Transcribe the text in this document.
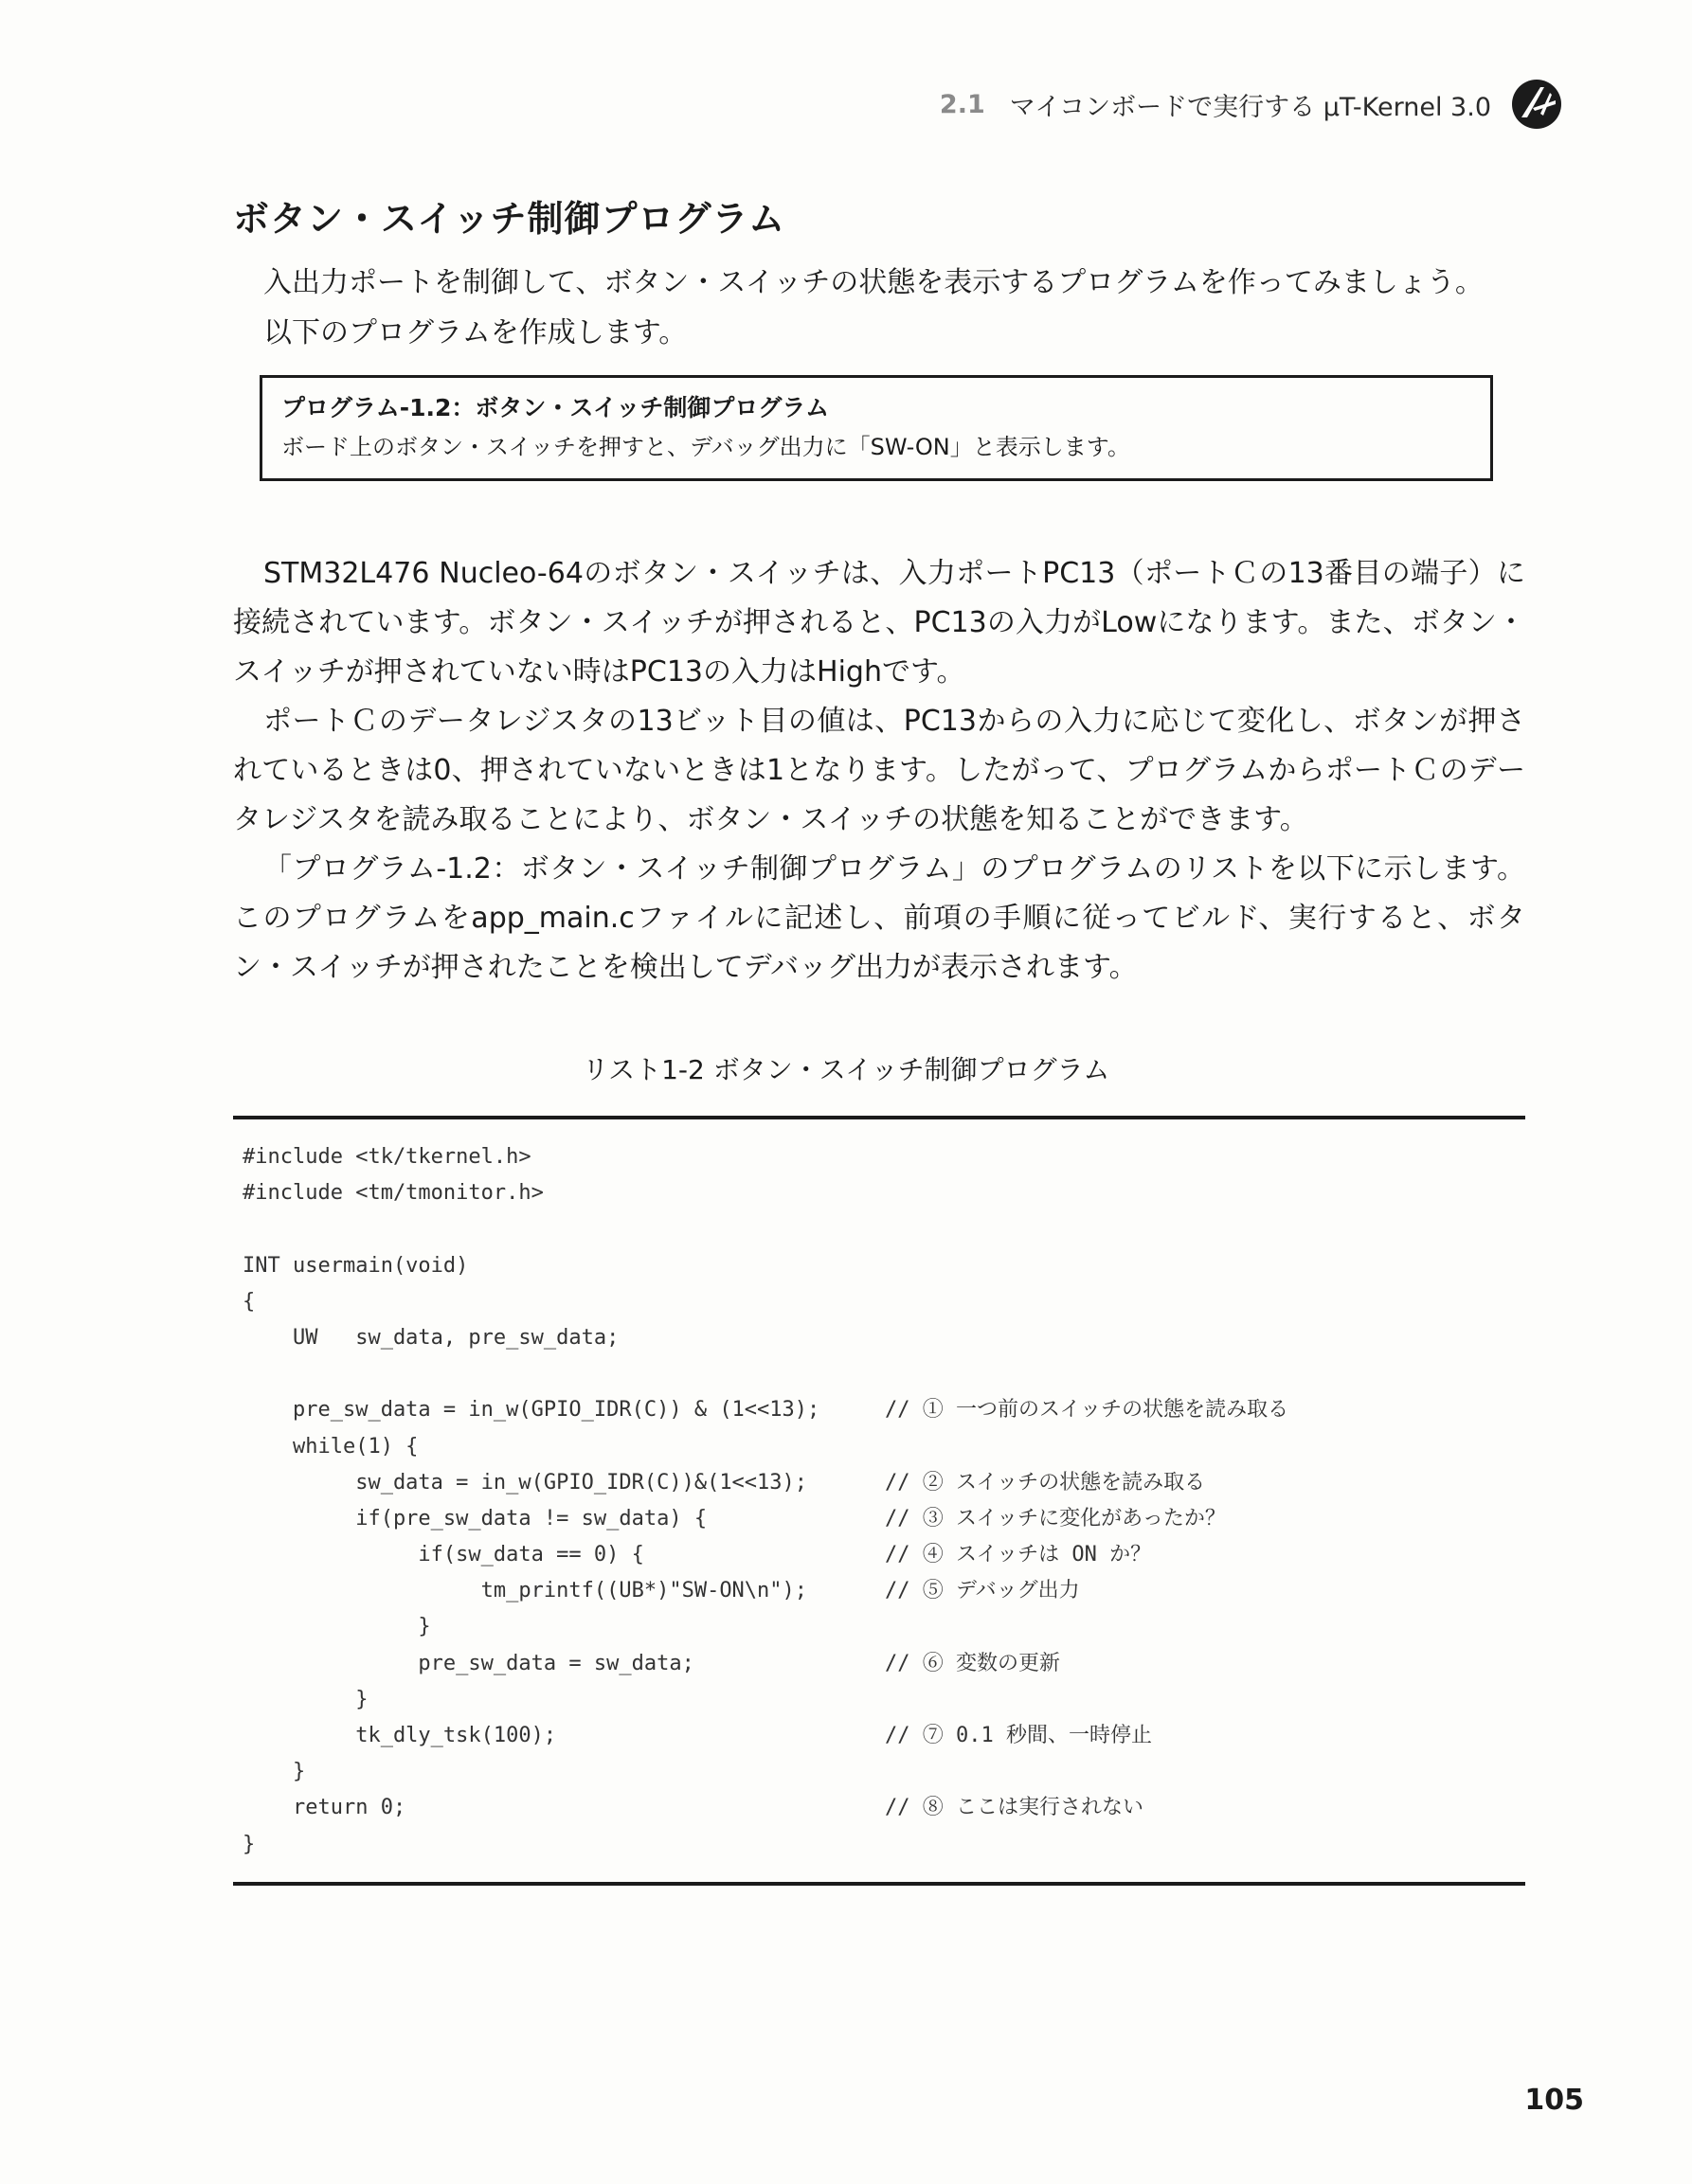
2.1 マイコンボードで実行する μT-Kernel 3.0
ボタン・スイッチ制御プログラム
入出力ポートを制御して、ボタン・スイッチの状態を表示するプログラムを作ってみましょう。
以下のプログラムを作成します。
プログラム-1.2：ボタン・スイッチ制御プログラム
ボード上のボタン・スイッチを押すと、デバッグ出力に「SW-ON」と表示します。

STM32L476 Nucleo-64のボタン・スイッチは、入力ポートPC13（ポートＣの13番目の端子）に接続されています。ボタン・スイッチが押されると、PC13の入力がLowになります。また、ボタン・スイッチが押されていない時はPC13の入力はHighです。

ポートＣのデータレジスタの13ビット目の値は、PC13からの入力に応じて変化し、ボタンが押されているときは0、押されていないときは1となります。したがって、プログラムからポートＣのデータレジスタを読み取ることにより、ボタン・スイッチの状態を知ることができます。

「プログラム-1.2：ボタン・スイッチ制御プログラム」のプログラムのリストを以下に示します。このプログラムをapp_main.cファイルに記述し、前項の手順に従ってビルド、実行すると、ボタン・スイッチが押されたことを検出してデバッグ出力が表示されます。

リスト1-2 ボタン・スイッチ制御プログラム
#include <tk/tkernel.h>
#include <tm/tmonitor.h>
INT usermain(void)
{
UW   sw_data, pre_sw_data;
pre_sw_data = in_w(GPIO_IDR(C)) & (1<<13);	// ① 一つ前のスイッチの状態を読み取る
while(1) {
sw_data = in_w(GPIO_IDR(C))&(1<<13);	// ② スイッチの状態を読み取る
if(pre_sw_data != sw_data) {	// ③ スイッチに変化があったか？
if(sw_data == 0) {	// ④ スイッチは ON か？
tm_printf((UB*)"SW-ON\n");	// ⑤ デバッグ出力
}
pre_sw_data = sw_data;	// ⑥ 変数の更新
}
tk_dly_tsk(100);	// ⑦ 0.1 秒間、一時停止
}
return 0;	// ⑧ ここは実行されない
}
105
